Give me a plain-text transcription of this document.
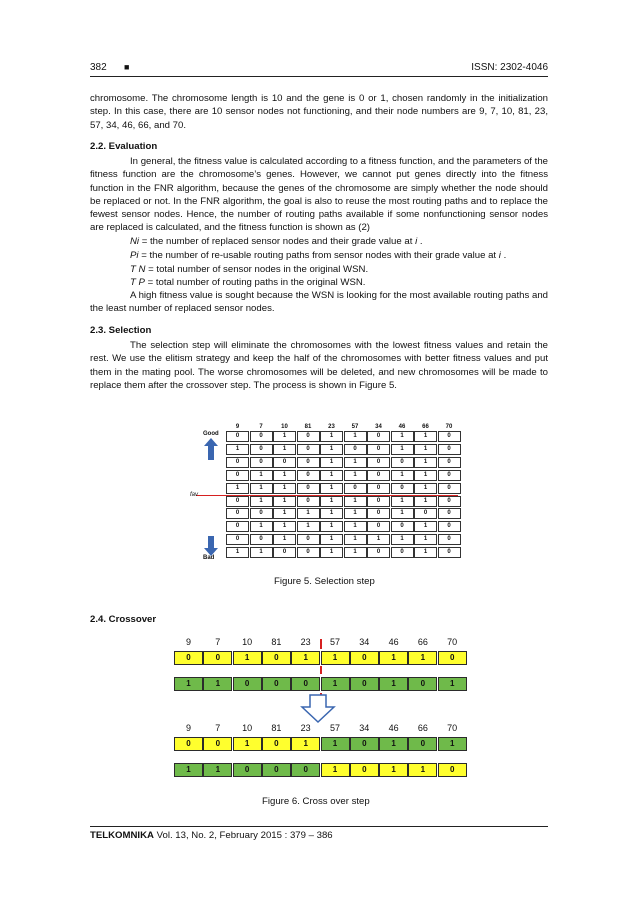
382 ■	ISSN: 2302-4046
chromosome. The chromosome length is 10 and the gene is 0 or 1, chosen randomly in the initialization step. In this case, there are 10 sensor nodes not functioning, and their node numbers are 9, 7, 10, 81, 23, 57, 34, 46, 66, and 70.
2.2. Evaluation
In general, the fitness value is calculated according to a fitness function, and the parameters of the fitness function are the chromosome’s genes. However, we cannot put genes directly into the fitness function in the FNR algorithm, because the genes of the chromosome are simply whether the node should be replaced or not. In the FNR algorithm, the goal is also to reuse the most routing paths and to replace the fewest sensor nodes. Hence, the number of routing paths available if some nonfunctioning sensor nodes are replaced is calculated, and the fitness function is shown as (2)
Ni = the number of replaced sensor nodes and their grade value at i .
Pi = the number of re-usable routing paths from sensor nodes with their grade value at i .
T N = total number of sensor nodes in the original WSN.
T P = total number of routing paths in the original WSN.
A high fitness value is sought because the WSN is looking for the most available routing paths and the least number of replaced sensor nodes.
2.3. Selection
The selection step will eliminate the chromosomes with the lowest fitness values and retain the rest. We use the elitism strategy and keep the half of the chromosomes with better fitness values and put them in the mating pool. The worse chromosomes will be deleted, and new chromosomes will be made to replace them after the crossover step. The process is shown in Figure 5.
9	7	10	81	23	57	34	46	66	70
0	0	1	0	1	1	0	1	1	0
1	0	1	0	1	0	0	1	1	0
0	0	0	0	1	1	0	0	1	0
0	1	1	0	1	1	0	1	1	0
1	1	1	0	1	0	0	0	1	0
0	1	1	0	1	1	0	1	1	0
0	0	1	1	1	1	0	1	0	0
0	1	1	1	1	1	0	0	1	0
0	0	1	0	1	1	1	1	1	0
1	1	0	0	1	1	0	0	1	0
Good
Bad
fav
Figure 5. Selection step
2.4. Crossover
9	7	10	81	23	57	34	46	66	70
9	7	10	81	23	57	34	46	66	70
0	0	1	0	1	1	0	1	1	0
1	1	0	0	0	1	0	1	0	1
0	0	1	0	1	1	0	1	0	1
1	1	0	0	0	1	0	1	1	0
Figure 6. Cross over step
TELKOMNIKA Vol. 13, No. 2, February 2015 : 379 – 386
